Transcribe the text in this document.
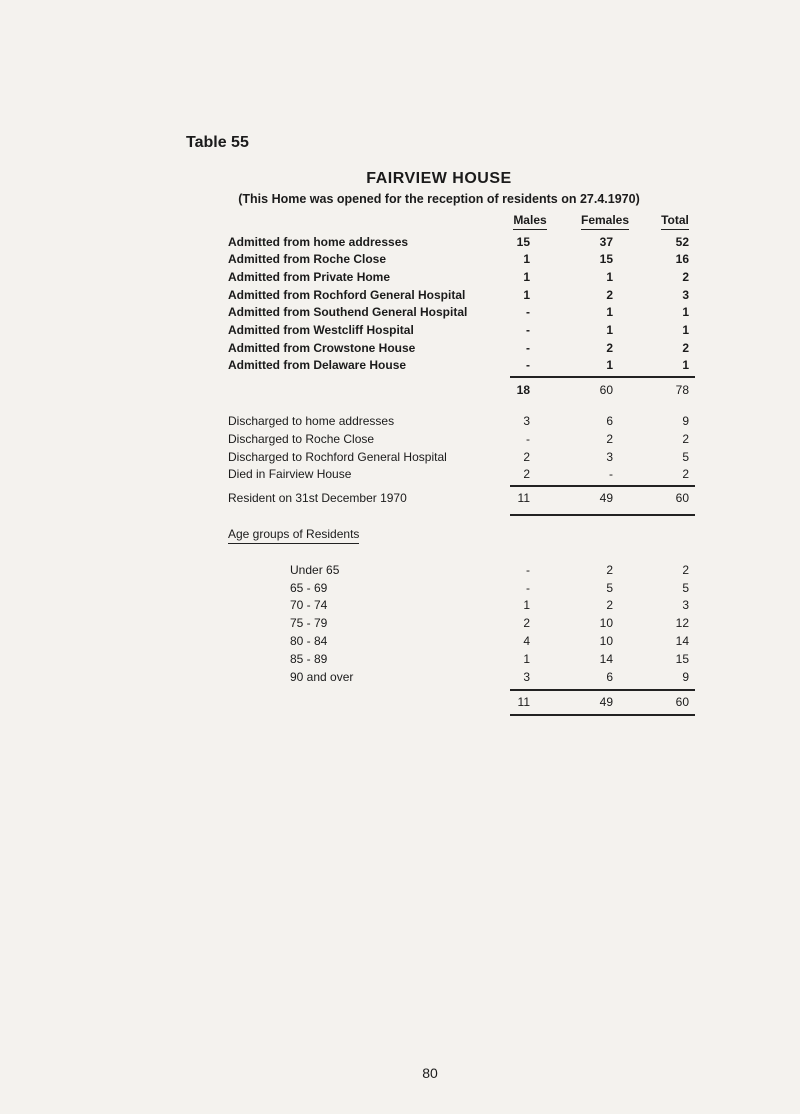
Table 55
FAIRVIEW HOUSE
(This Home was opened for the reception of residents on 27.4.1970)
Males	Females	Total
Admitted from home addresses	15	37	52
Admitted from Roche Close	1	15	16
Admitted from Private Home	1	1	2
Admitted from Rochford General Hospital	1	2	3
Admitted from Southend General Hospital	-	1	1
Admitted from Westcliff Hospital	-	1	1
Admitted from Crowstone House	-	2	2
Admitted from Delaware House	-	1	1
18	60	78
Discharged to home addresses	3	6	9
Discharged to Roche Close	-	2	2
Discharged to Rochford General Hospital	2	3	5
Died in Fairview House	2	-	2
Resident on 31st December 1970	11	49	60
Age groups of Residents
Under 65	-	2	2
65 - 69	-	5	5
70 - 74	1	2	3
75 - 79	2	10	12
80 - 84	4	10	14
85 - 89	1	14	15
90 and over	3	6	9
11	49	60
80
